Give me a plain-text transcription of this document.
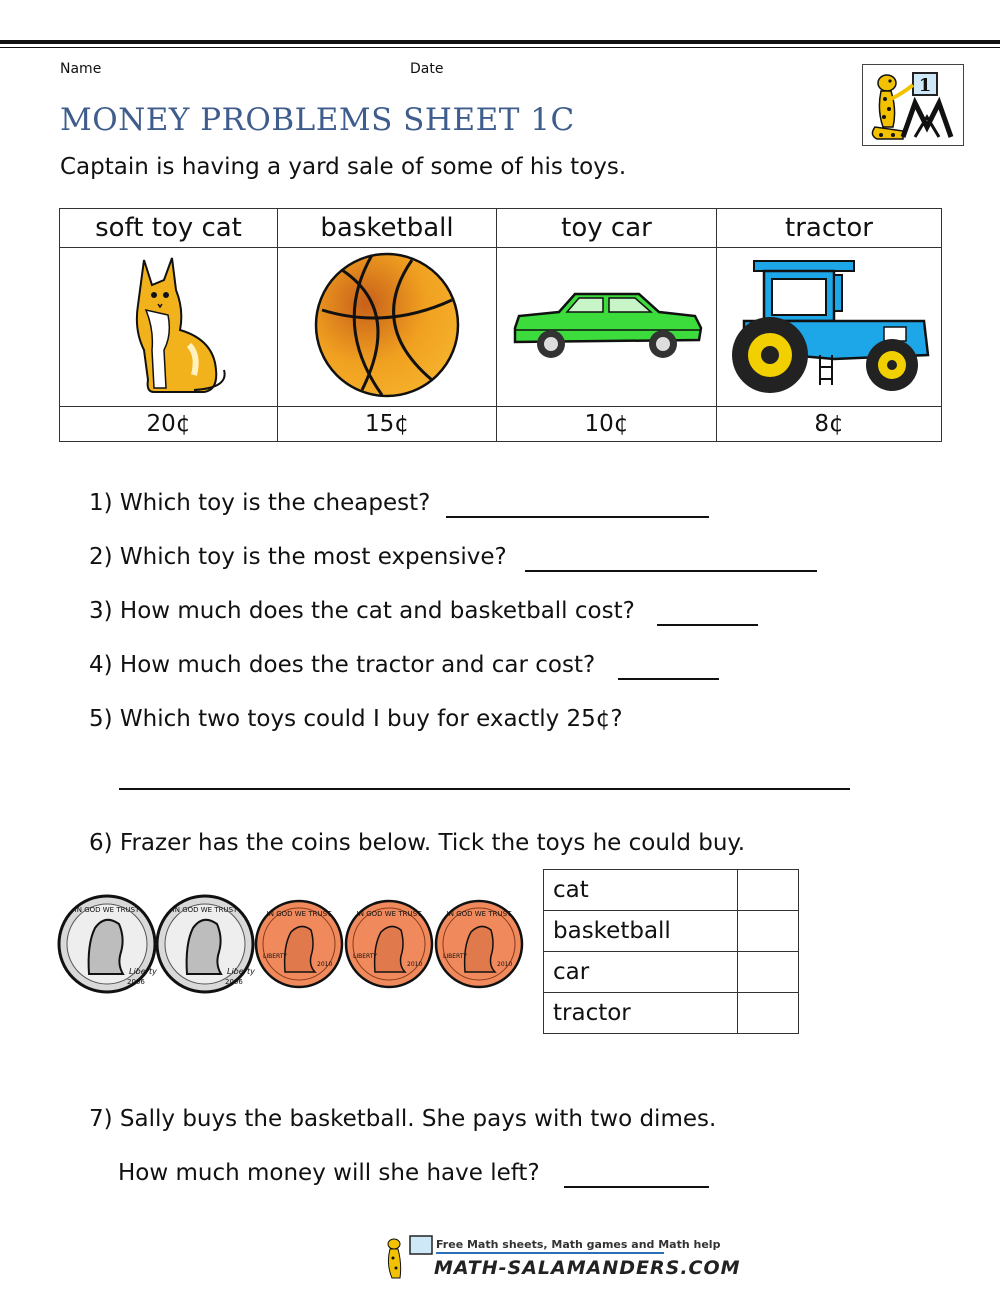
Name	Date
1
MONEY PROBLEMS SHEET 1C
Captain is having a yard sale of some of his toys.
soft toy cat	basketball	toy car	tractor

20¢	15¢	10¢	8¢
1) Which toy is the cheapest?
2) Which toy is the most expensive?
3) How much does the cat and basketball cost?
4) How much does the tractor and car cost?
5) Which two toys could I buy for exactly 25¢?
6) Frazer has the coins below. Tick the toys he could buy.
IN GOD WE TRUST
Liberty
2006
IN GOD WE TRUST
Liberty
2006
IN GOD WE TRUST
LIBERTY
2010
IN GOD WE TRUST
LIBERTY
2010
IN GOD WE TRUST
LIBERTY
2010
cat	
basketball	
car	
tractor	
7) Sally buys the basketball. She pays with two dimes.
How much money will she have left?
Free Math sheets, Math games and Math help
MATH-SALAMANDERS.COM
